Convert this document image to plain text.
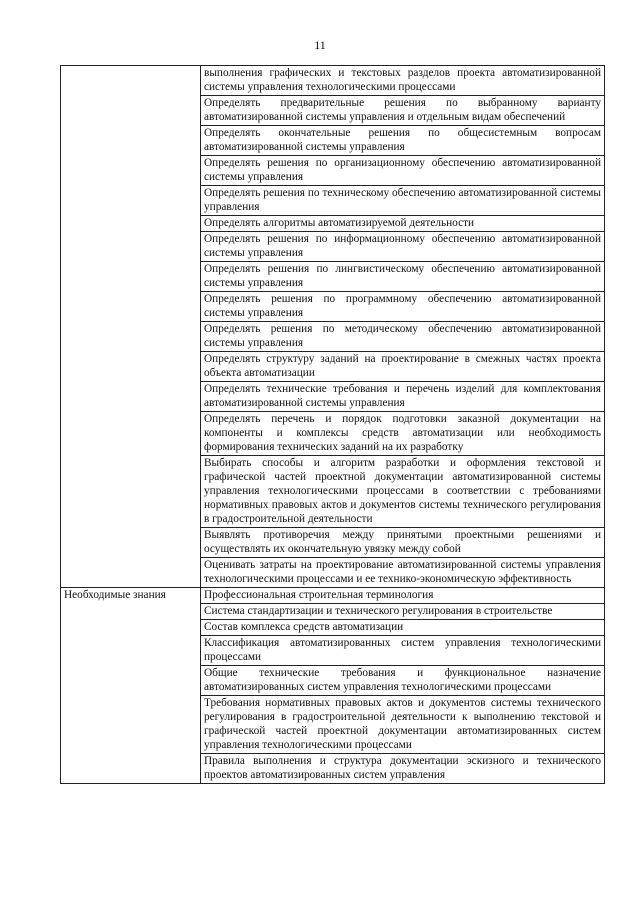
11
	выполнения графических и текстовых разделов проекта автоматизированной системы управления технологическими процессами
	Определять предварительные решения по выбранному варианту автоматизированной системы управления и отдельным видам обеспечений
	Определять окончательные решения по общесистемным вопросам автоматизированной системы управления
	Определять решения по организационному обеспечению автоматизированной системы управления
	Определять решения по техническому обеспечению автоматизированной системы управления
	Определять алгоритмы автоматизируемой деятельности
	Определять решения по информационному обеспечению автоматизированной системы управления
	Определять решения по лингвистическому обеспечению автоматизированной системы управления
	Определять решения по программному обеспечению автоматизированной системы управления
	Определять решения по методическому обеспечению автоматизированной системы управления
	Определять структуру заданий на проектирование в смежных частях проекта объекта автоматизации
	Определять технические требования и перечень изделий для комплектования автоматизированной системы управления
	Определять перечень и порядок подготовки заказной документации на компоненты и комплексы средств автоматизации или необходимость формирования технических заданий на их разработку
	Выбирать способы и алгоритм разработки и оформления текстовой и графической частей проектной документации автоматизированной системы управления технологическими процессами в соответствии с требованиями нормативных правовых актов и документов системы технического регулирования в градостроительной деятельности
	Выявлять противоречия между принятыми проектными решениями и осуществлять их окончательную увязку между собой
	Оценивать затраты на проектирование автоматизированной системы управления технологическими процессами и ее технико-экономическую эффективность

Необходимые знания	Профессиональная строительная терминология
	Система стандартизации и технического регулирования в строительстве
	Состав комплекса средств автоматизации
	Классификация автоматизированных систем управления технологическими процессами
	Общие технические требования и функциональное назначение автоматизированных систем управления технологическими процессами
	Требования нормативных правовых актов и документов системы технического регулирования в градостроительной деятельности к выполнению текстовой и графической частей проектной документации автоматизированных систем управления технологическими процессами
	Правила выполнения и структура документации эскизного и технического проектов автоматизированных систем управления
